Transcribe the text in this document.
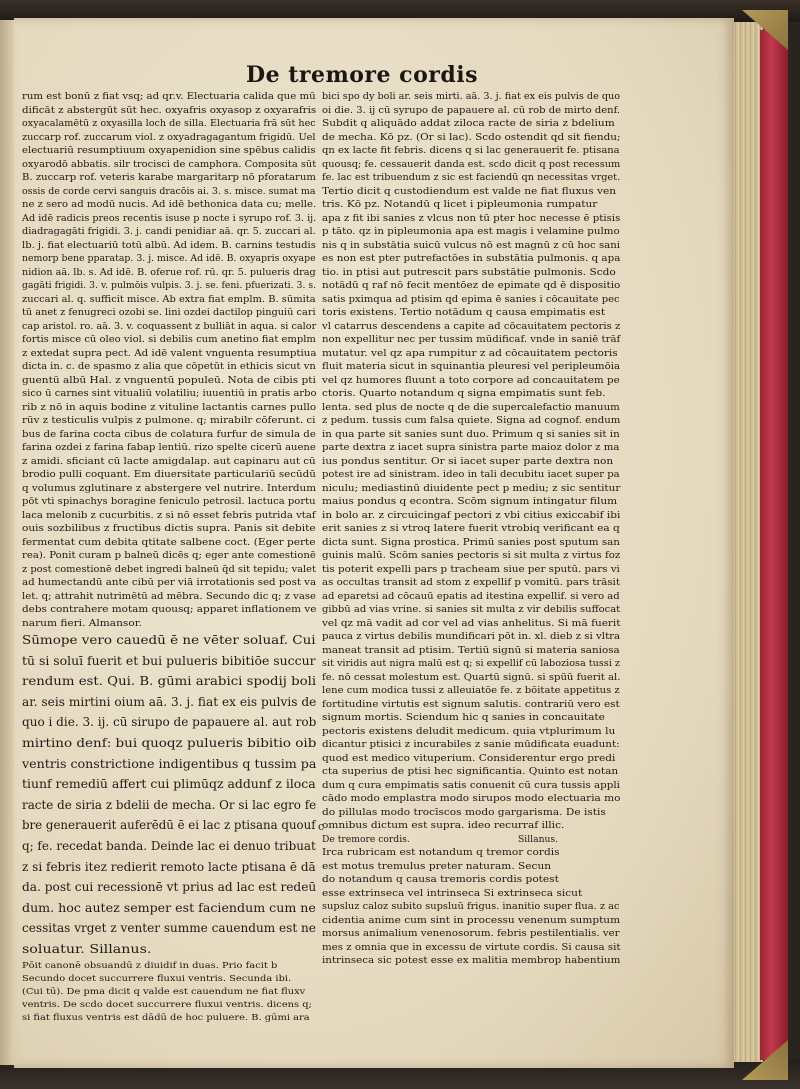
De tremore cordis
rum est bonū z fiat vsq; ad qr.v. Electuaria calida que mū
dificāt z abstergūt sūt hec. oxyafris oxyasop z oxyarafris
oxyacalamētū z oxyasilla loch de silla. Electuaria frā sūt hec
zuccarp rof. zuccarum viol. z oxyadragagantum frigidū. Uel
electuariū resumptiuum oxyapenidion sine spēbus calidis
oxyarodō abbatis. silr trocisci de camphora. Composita sūt
B. zuccarp rof. veteris karabe margaritarp nō pforatarum
ossis de corde cervi sanguis dracōis ai. 3. s. misce. sumat ma
ne z sero ad modū nucis. Ad idē bethonica data cu; melle.
Ad idē radicis preos recentis isuse p nocte i syrupo rof. 3. ij.
diadragagāti frigidi. 3. j. candi penidiar aā. qr. 5. zuccari al.
lb. j. fiat electuariū totū albū. Ad idem. B. carnins testudis
nemorp bene pparatap. 3. j. misce. Ad idē. B. oxyapris oxyape
nidion aā. lb. s. Ad idē. B. oferue rof. rū. qr. 5. pulueris drag
gagāti frigidi. 3. v. pulmōis vulpis. 3. j. se. feni. pfuerizati. 3. s.
zuccari al. q. sufficit misce. Ab extra fiat emplm. B. sūmita
tū anet z fenugreci ozobi se. lini ozdei dactilop pinguiū cari
cap aristol. ro. aā. 3. v. coquassent z bulliāt in aqua. si calor
fortis misce cū oleo viol. si debilis cum anetino fiat emplm
z extedat supra pect. Ad idē valent vnguenta resumptiua
dicta in. c. de spasmo z alia que cōpetūt in ethicis sicut vn
guentū albū Hal. z vnguentū populeū. Nota de cibis pti
sico ū carnes sint vitualiū volatiliu; iuuentiū in pratis arbo
rib z nō in aquis bodine z vituline lactantis carnes pullo
rūv z testiculis vulpis z pulmone. q; mirabilr cōferunt. ci
bus de farina cocta cibus de colatura furfur de simula de
farina ozdei z farina fabap lentiū. rizo spelte cicerū auene
z amidi. sficiant cū lacte amigdalap. aut capinaru aut cū
brodio pulli coquant. Em diuersitate particulariū secūdū
q volumus zglutinare z abstergere vel nutrire. Interdum
pōt vti spinachys boragine feniculo petrosil. lactuca portu
laca melonib z cucurbitis. z si nō esset febris putrida vtaf
ouis sozbilibus z fructibus dictis supra. Panis sit debite
fermentat cum debita qtitate salbene coct. (Eger perte
rea). Ponit curam p balneū dicēs q; eger ante comestionē
z post comestionē debet ingredi balneū q̄d sit tepidu; valet
ad humectandū ante cibū per viā irrotationis sed post va
let. q; attrahit nutrimētū ad mēbra. Secundo dic q; z vase
debs contrahere motam quousq; apparet inflationem ve
narum fieri. Almansor.
Sūmope vero cauedū ē ne vēter soluaf. Cui
tū si soluī fuerit et bui pulueris bibitiōe succur
rendum est. Qui. B. gūmi arabici spodij boli
ar. seis mirtini oium aā. 3. j. fiat ex eis pulvis de
quo i die. 3. ij. cū sirupo de papauere al. aut rob
mirtino denf: bui quoqz pulueris bibitio oib
ventris constrictione indigentibus q tussim pa
tiunf remediū affert cui plimūqz addunf z iloca
racte de siria z bdelii de mecha. Or si lac egro fe
bre generauerit auferēdū ē ei lac z ptisana quouf
q; fe. recedat banda. Deinde lac ei denuo tribuat
z si febris itez redierit remoto lacte ptisana ē dā
da. post cui recessionē vt prius ad lac est redeū
dum. hoc autez semper est faciendum cum ne
cessitas vrget z venter summe cauendum est ne
soluatur. Sillanus.
Pōit canonē obsuandū z diuidif in duas. Prio facit b
Secundo docet succurrere fluxui ventris. Secunda ibi.
(Cui tū). De pma dicit q valde est cauendum ne fiat fluxv
ventris. De scdo docet succurrere fluxui ventris. dicens q;
si fiat fluxus ventris est dādū de hoc puluere. B. gūmi ara
c
bici spo dy boli ar. seis mirti. aā. 3. j. fiat ex eis pulvis de quo
oi die. 3. ij cū syrupo de papauere al. cū rob de mirto denf.
Subdit q aliquādo addat ziloca racte de siria z bdelium
de mecha. Kō pz. (Or si lac). Scdo ostendit qd sit fiendu;
qn ex lacte fit febris. dicens q si lac generauerit fe. ptisana
quousq; fe. cessauerit danda est. scdo dicit q post recessum
fe. lac est tribuendum z sic est faciendū qn necessitas vrget.
Tertio dicit q custodiendum est valde ne fiat fluxus ven
tris. Kō pz. Notandū q licet i pipleumonia rumpatur
apa z fit ibi sanies z vlcus non tū pter hoc necesse ē ptisis
p tāto. qz in pipleumonia apa est magis i velamine pulmo
nis q in substātia suicū vulcus nō est magnū z cū hoc sani
es non est pter putrefactōes in substātia pulmonis. q apa
tio. in ptisi aut putrescit pars substātie pulmonis. Scdo
notādū q raf nō fecit mentōez de epimate qd ē dispositio
satis pximqua ad ptisim qd epima ē sanies i cōcauitate pec
toris existens. Tertio notādum q causa empimatis est
vl catarrus descendens a capite ad cōcauitatem pectoris z
non expellitur nec per tussim mūdificaf. vnde in saniē trāf
mutatur. vel qz apa rumpitur z ad cōcauitatem pectoris
fluit materia sicut in squinantia pleuresi vel peripleumōia
vel qz humores fluunt a toto corpore ad concauitatem pe
ctoris. Quarto notandum q signa empimatis sunt feb.
lenta. sed plus de nocte q de die supercalefactio manuum
z pedum. tussis cum falsa quiete. Signa ad cognof. endum
in qua parte sit sanies sunt duo. Primum q si sanies sit in
parte dextra z iacet supra sinistra parte maioz dolor z ma
ius pondus sentitur. Or si iacet super parte dextra non
potest ire ad sinistram. ideo in tali decubitu iacet super pa
niculu; mediastinū diuidente pect p mediu; z sic sentitur
maius pondus q econtra. Scōm signum intingatur filum
in bolo ar. z circuicingaf pectori z vbi citius exiccabif ibi
erit sanies z si vtroq latere fuerit vtrobiq verificant ea q
dicta sunt. Signa prostica. Primū sanies post sputum san
guinis malū. Scōm sanies pectoris si sit multa z virtus foz
tis poterit expelli pars p tracheam siue per sputū. pars vi
as occultas transit ad stom z expellif p vomitū. pars trāsit
ad eparetsi ad cōcauū epatis ad itestina expellif. si vero ad
gibbū ad vias vrine. si sanies sit multa z vir debilis suffocat
vel qz mā vadit ad cor vel ad vias anhelitus. Si mā fuerit
pauca z virtus debilis mundificari pōt in. xl. dieb z si vltra
maneat transit ad ptisim. Tertiū signū si materia saniosa
sit viridis aut nigra malū est q; si expellif cū laboziosa tussi z
fe. nō cessat molestum est. Quartū signū. si spūū fuerit al.
lene cum modica tussi z alleuiatōe fe. z bōitate appetitus z
fortitudine virtutis est signum salutis. contrariū vero est
signum mortis. Sciendum hic q sanies in concauitate
pectoris existens deludit medicum. quia vtplurimum lu
dicantur ptisici z incurabiles z sanie mūdificata euadunt:
quod est medico vituperium. Considerentur ergo predi
cta superius de ptisi hec significantia. Quinto est notan
dum q cura empimatis satis conuenit cū cura tussis appli
cādo modo emplastra modo sirupos modo electuaria mo
do pillulas modo trocīscos modo gargarisma. De istis
omnibus dictum est supra. ideo recurraf illic.
De tremore cordis.	Sillanus.
Irca rubricam est notandum q tremor cordis
est motus tremulus preter naturam. Secun
do notandum q causa tremoris cordis potest
esse extrinseca vel intrinseca Si extrinseca sicut
supsluz caloz subito supsluū frigus. inanitio super flua. z ac
cidentia anime cum sint in processu venenum sumptum
morsus animalium venenosorum. febris pestilentialis. ver
mes z omnia que in excessu de virtute cordis. Si causa sit
intrinseca sic potest esse ex malitia membrop habentium
